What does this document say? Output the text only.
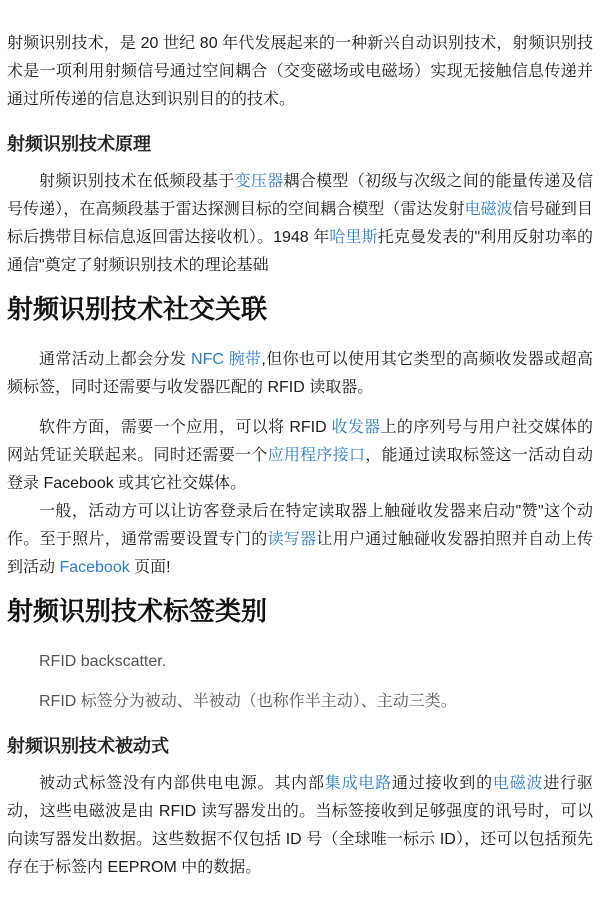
射频识别技术，是 20 世纪 80 年代发展起来的一种新兴自动识别技术，射频识别技术是一项利用射频信号通过空间耦合（交变磁场或电磁场）实现无接触信息传递并通过所传递的信息达到识别目的的技术。

射频识别技术原理

射频识别技术在低频段基于变压器耦合模型（初级与次级之间的能量传递及信号传递），在高频段基于雷达探测目标的空间耦合模型（雷达发射电磁波信号碰到目标后携带目标信息返回雷达接收机）。1948 年哈里斯托克曼发表的"利用反射功率的通信"奠定了射频识别技术的理论基础

射频识别技术社交关联

通常活动上都会分发 NFC 腕带,但你也可以使用其它类型的高频收发器或超高频标签，同时还需要与收发器匹配的 RFID 读取器。

软件方面，需要一个应用，可以将 RFID 收发器上的序列号与用户社交媒体的网站凭证关联起来。同时还需要一个应用程序接口，能通过读取标签这一活动自动登录 Facebook 或其它社交媒体。

一般，活动方可以让访客登录后在特定读取器上触碰收发器来启动"赞"这个动作。至于照片，通常需要设置专门的读写器让用户通过触碰收发器拍照并自动上传到活动 Facebook 页面!

射频识别技术标签类别

RFID backscatter.

RFID 标签分为被动、半被动（也称作半主动）、主动三类。

射频识别技术被动式

被动式标签没有内部供电电源。其内部集成电路通过接收到的电磁波进行驱动，这些电磁波是由 RFID 读写器发出的。当标签接收到足够强度的讯号时，可以向读写器发出数据。这些数据不仅包括 ID 号（全球唯一标示 ID），还可以包括预先存在于标签内 EEPROM 中的数据。
